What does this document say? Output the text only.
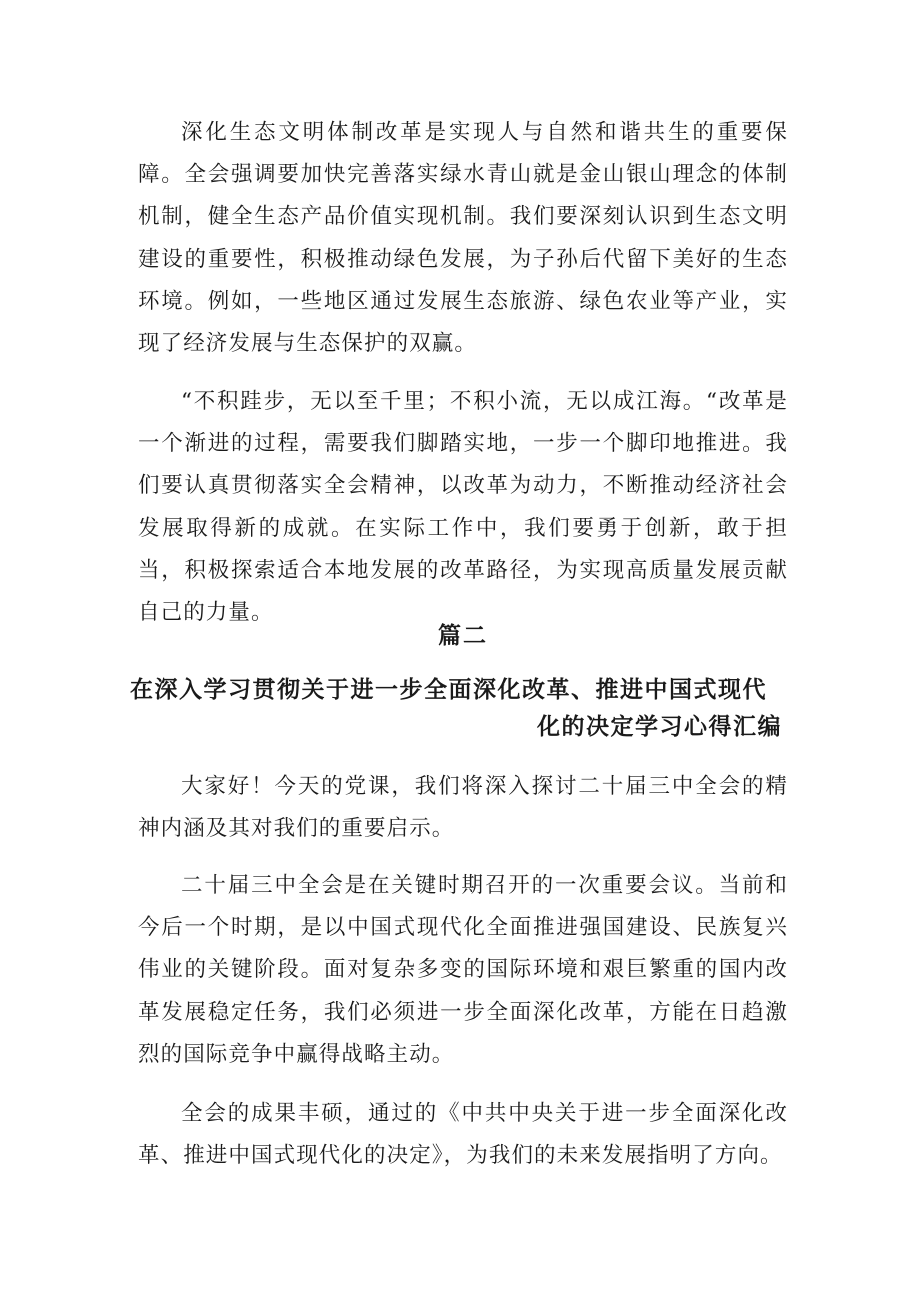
深化生态文明体制改革是实现人与自然和谐共生的重要保障。全会强调要加快完善落实绿水青山就是金山银山理念的体制机制，健全生态产品价值实现机制。我们要深刻认识到生态文明建设的重要性，积极推动绿色发展，为子孙后代留下美好的生态环境。例如，一些地区通过发展生态旅游、绿色农业等产业，实现了经济发展与生态保护的双赢。

“不积跬步，无以至千里；不积小流，无以成江海。“改革是一个渐进的过程，需要我们脚踏实地，一步一个脚印地推进。我们要认真贯彻落实全会精神，以改革为动力，不断推动经济社会发展取得新的成就。在实际工作中，我们要勇于创新，敢于担当，积极探索适合本地发展的改革路径，为实现高质量发展贡献自己的力量。

篇二
在深入学习贯彻关于进一步全面深化改革、推进中国式现代
化的决定学习心得汇编

大家好！今天的党课，我们将深入探讨二十届三中全会的精神内涵及其对我们的重要启示。

二十届三中全会是在关键时期召开的一次重要会议。当前和今后一个时期，是以中国式现代化全面推进强国建设、民族复兴伟业的关键阶段。面对复杂多变的国际环境和艰巨繁重的国内改革发展稳定任务，我们必须进一步全面深化改革，方能在日趋激烈的国际竞争中赢得战略主动。

全会的成果丰硕，通过的《中共中央关于进一步全面深化改革、推进中国式现代化的决定》，为我们的未来发展指明了方向。
